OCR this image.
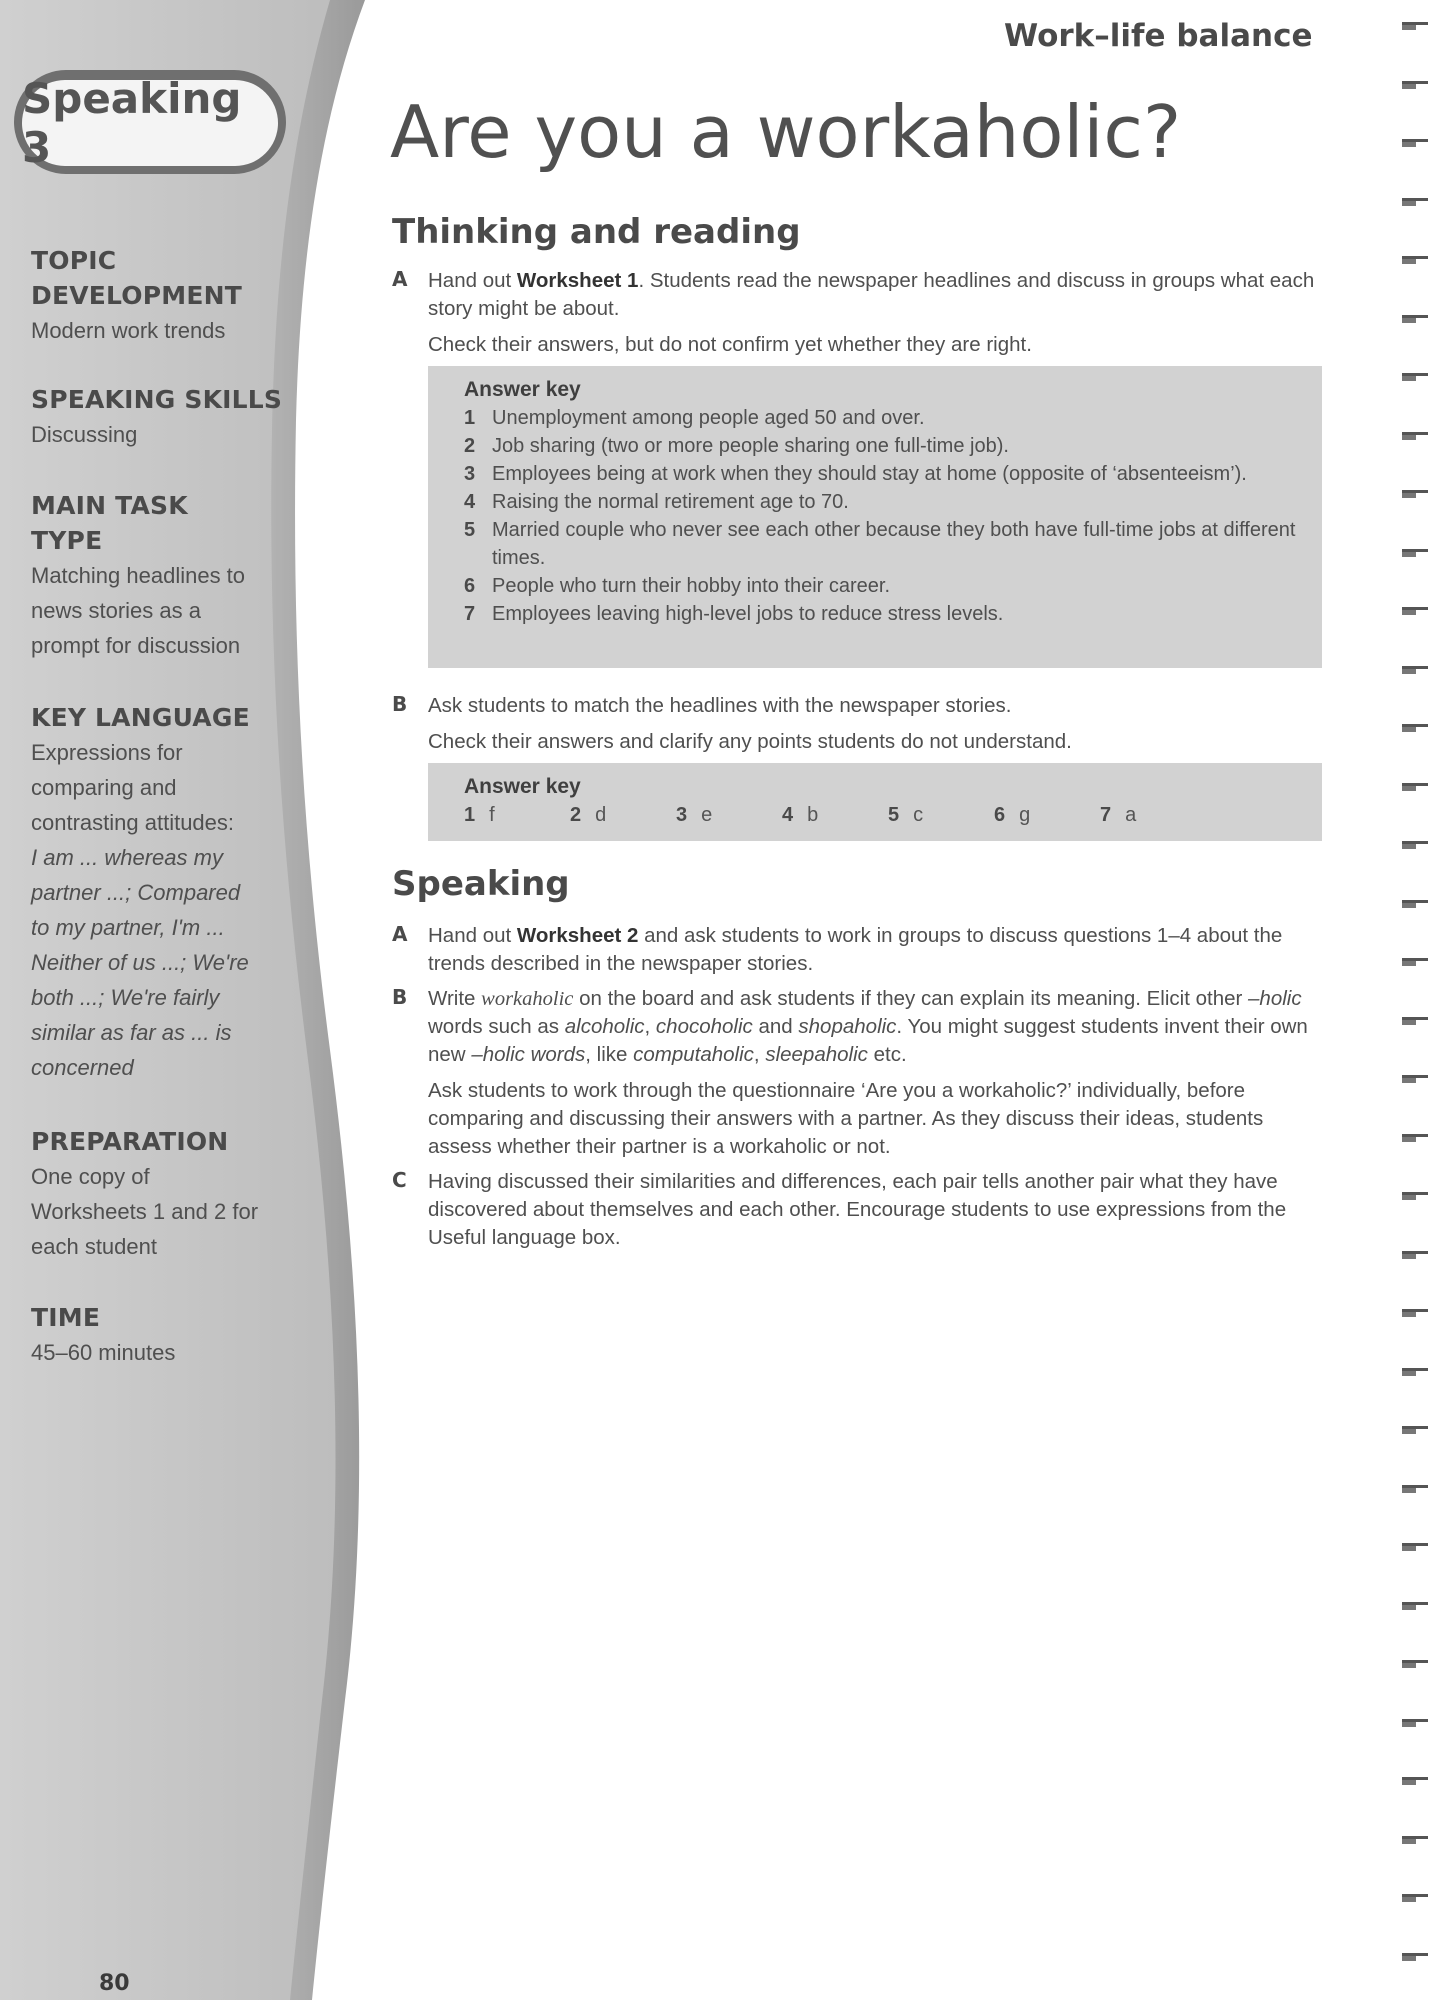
Speaking 3

TOPIC

DEVELOPMENT

Modern work trends

SPEAKING SKILLS

Discussing

MAIN TASK

TYPE

Matching headlines to

news stories as a

prompt for discussion

KEY LANGUAGE

Expressions for

comparing and

contrasting attitudes:

I am ... whereas my

partner ...; Compared

to my partner, I'm ...

Neither of us ...; We're

both ...; We're fairly

similar as far as ... is

concerned

PREPARATION

One copy of

Worksheets 1 and 2 for

each student

TIME

45–60 minutes

80
Work–life balance
Are you a workaholic?
Thinking and reading
A Hand out Worksheet 1. Students read the newspaper headlines and discuss in groups what each story might be about.

Check their answers, but do not confirm yet whether they are right.

Answer key
1 Unemployment among people aged 50 and over.
2 Job sharing (two or more people sharing one full-time job).
3 Employees being at work when they should stay at home (opposite of ‘absenteeism’).
4 Raising the normal retirement age to 70.
5 Married couple who never see each other because they both have full-time jobs at different times.
6 People who turn their hobby into their career.
7 Employees leaving high-level jobs to reduce stress levels.
B Ask students to match the headlines with the newspaper stories.

Check their answers and clarify any points students do not understand.

Answer key
1 f	2 d	3 e	4 b	5 c	6 g	7 a
Speaking
A Hand out Worksheet 2 and ask students to work in groups to discuss questions 1–4 about the trends described in the newspaper stories.

B Write workaholic on the board and ask students if they can explain its meaning. Elicit other –holic words such as alcoholic, chocoholic and shopaholic. You might suggest students invent their own new –holic words, like computaholic, sleepaholic etc.

Ask students to work through the questionnaire ‘Are you a workaholic?’ individually, before comparing and discussing their answers with a partner. As they discuss their ideas, students assess whether their partner is a workaholic or not.

C Having discussed their similarities and differences, each pair tells another pair what they have discovered about themselves and each other. Encourage students to use expressions from the Useful language box.
